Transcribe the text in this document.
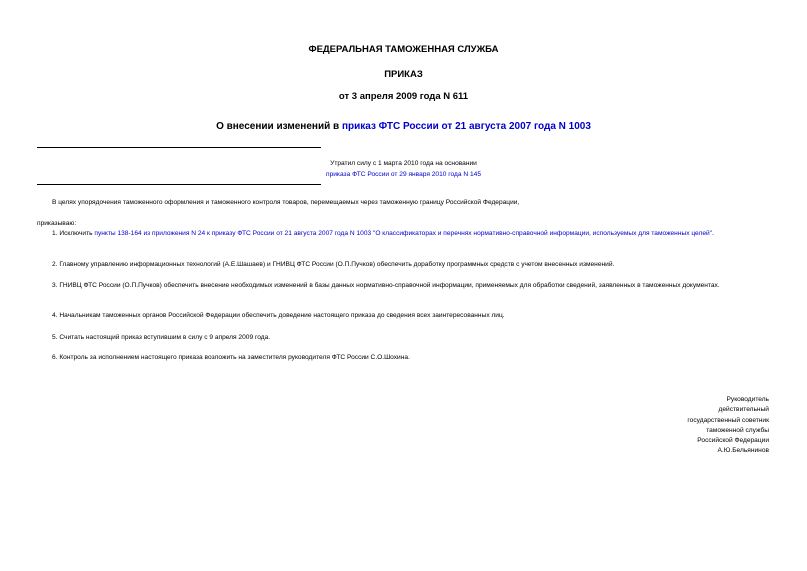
ФЕДЕРАЛЬНАЯ ТАМОЖЕННАЯ СЛУЖБА
ПРИКАЗ
от 3 апреля 2009 года N 611
О внесении изменений в приказ ФТС России от 21 августа 2007 года N 1003
Утратил силу с 1 марта 2010 года на основании
приказа ФТС России от 29 января 2010 года N 145
В целях упорядочения таможенного оформления и таможенного контроля товаров, перемещаемых через таможенную границу Российской Федерации,
приказываю:
1. Исключить пункты 138-164 из приложения N 24 к приказу ФТС России от 21 августа 2007 года N 1003 "О классификаторах и перечнях нормативно-справочной информации, используемых для таможенных целей".
2. Главному управлению информационных технологий (А.Е.Шашаев) и ГНИВЦ ФТС России (О.П.Пучков) обеспечить доработку программных средств с учетом внесенных изменений.
3. ГНИВЦ ФТС России (О.П.Пучков) обеспечить внесение необходимых изменений в базы данных нормативно-справочной информации, применяемых для обработки сведений, заявленных в таможенных документах.
4. Начальникам таможенных органов Российской Федерации обеспечить доведение настоящего приказа до сведения всех заинтересованных лиц.
5. Считать настоящий приказ вступившим в силу с 9 апреля 2009 года.
6. Контроль за исполнением настоящего приказа возложить на заместителя руководителя ФТС России С.О.Шохина.
Руководитель
действительный
государственный советник
таможенной службы
Российской Федерации
А.Ю.Бельянинов
